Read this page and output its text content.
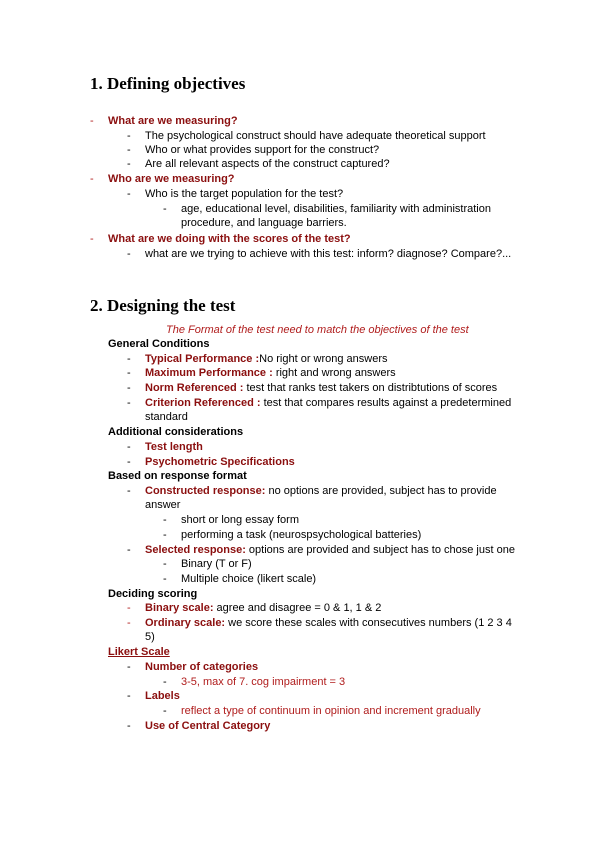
1. Defining objectives
- What are we measuring?
- The psychological construct should have adequate theoretical support
- Who or what provides support for the construct?
- Are all relevant aspects of the construct captured?
- Who are we measuring?
- Who is the target population for the test?
- age, educational level, disabilities, familiarity with administration
procedure, and language barriers.
- What are we doing with the scores of the test?
- what are we trying to achieve with this test: inform? diagnose? Compare?...
2. Designing the test
The Format of the test need to match the objectives of the test
General Conditions
- Typical Performance :No right or wrong answers
- Maximum Performance : right and wrong answers
- Norm Referenced : test that ranks test takers on distribtutions of scores
- Criterion Referenced : test that compares results against a predetermined
standard
Additional considerations
- Test length
- Psychometric Specifications
Based on response format
- Constructed response: no options are provided, subject has to provide
answer
- short or long essay form
- performing a task (neurospsychological batteries)
- Selected response: options are provided and subject has to chose just one
- Binary (T or F)
- Multiple choice (likert scale)
Deciding scoring
- Binary scale: agree and disagree = 0 & 1, 1 & 2
- Ordinary scale: we score these scales with consecutives numbers (1 2 3 4
5)
Likert Scale
- Number of categories
- 3-5, max of 7. cog impairment = 3
- Labels
- reflect a type of continuum in opinion and increment gradually
- Use of Central Category
